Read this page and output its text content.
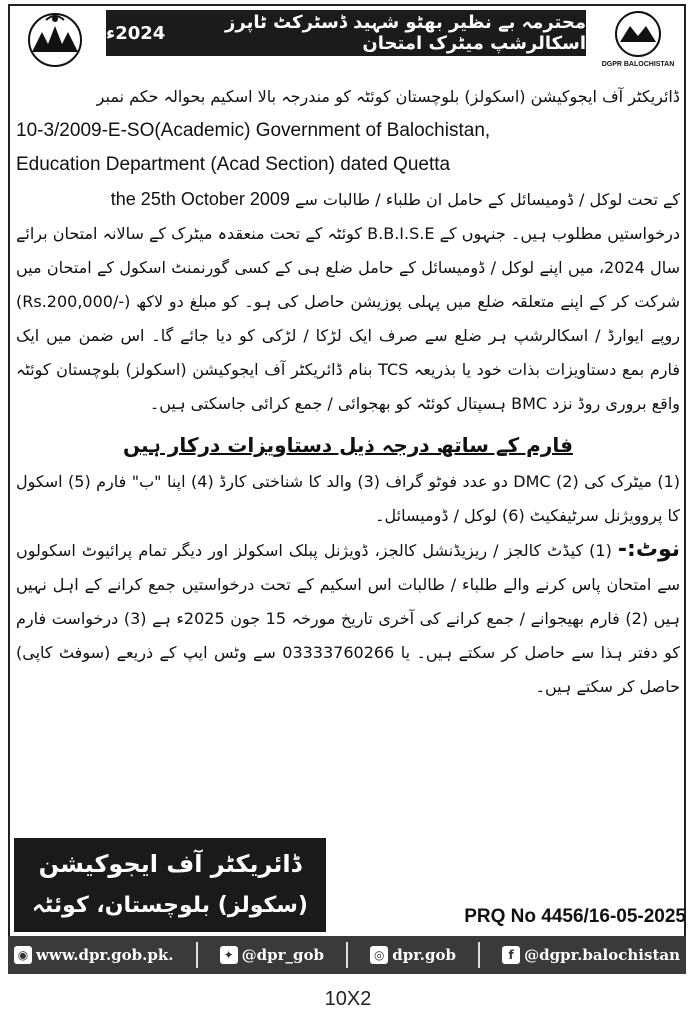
محترمہ بے نظیر بھٹو شہید ڈسٹرکٹ ٹاپرز اسکالرشپ میٹرک امتحان
2024ء
DGPR BALOCHISTAN
ڈائریکٹر آف ایجوکیشن (اسکولز) بلوچستان کوئٹہ کو مندرجہ بالا اسکیم بحوالہ حکم نمبر
10-3/2009-E-SO(Academic) Government of Balochistan,
Education Department (Acad Section) dated Quetta
کے تحت لوکل / ڈومیسائل کے حامل ان طلباء / طالبات سے the 25th October 2009
درخواستیں مطلوب ہیں۔ جنہوں کے B.B.I.S.E کوئٹہ کے تحت منعقدہ میٹرک کے سالانہ امتحان برائے سال 2024، میں اپنے لوکل / ڈومیسائل کے حامل ضلع ہی کے کسی گورنمنٹ اسکول کے امتحان میں شرکت کر کے اپنے متعلقہ ضلع میں پہلی پوزیشن حاصل کی ہو۔ کو مبلغ دو لاکھ (-/Rs.200,000) روپے ایوارڈ / اسکالرشپ ہر ضلع سے صرف ایک لڑکا / لڑکی کو دیا جائے گا۔ اس ضمن میں ایک فارم بمع دستاویزات بذات خود یا بذریعہ TCS بنام ڈائریکٹر آف ایجوکیشن (اسکولز) بلوچستان کوئٹہ واقع بروری روڈ نزد BMC ہسپتال کوئٹہ کو بھجوائی / جمع کرائی جاسکتی ہیں۔
فارم کے ساتھ درجہ ذیل دستاویزات درکار ہیں
(1) میٹرک کی DMC (2) دو عدد فوٹو گراف (3) والد کا شناختی کارڈ (4) اپنا "ب" فارم (5) اسکول کا پروویژنل سرٹیفکیٹ (6) لوکل / ڈومیسائل۔
نوٹ:- (1) کیڈٹ کالجز / ریزیڈنشل کالجز، ڈویژنل پبلک اسکولز اور دیگر تمام پرائیوٹ اسکولوں سے امتحان پاس کرنے والے طلباء / طالبات اس اسکیم کے تحت درخواستیں جمع کرانے کے اہل نہیں ہیں (2) فارم بھیجوانے / جمع کرانے کی آخری تاریخ مورخہ 15 جون 2025ء ہے (3) درخواست فارم کو دفتر ہذا سے حاصل کر سکتے ہیں۔ یا 03333760266 سے وٹس ایپ کے ذریعے (سوفٹ کاپی) حاصل کر سکتے ہیں۔
ڈائریکٹر آف ایجوکیشن
(سکولز) بلوچستان، کوئٹہ	PRQ No 4456/16-05-2025
◉ www.dpr.gob.pk.	✦ @dpr_gob	◎ dpr.gob	f @dgpr.balochistan
10X2
